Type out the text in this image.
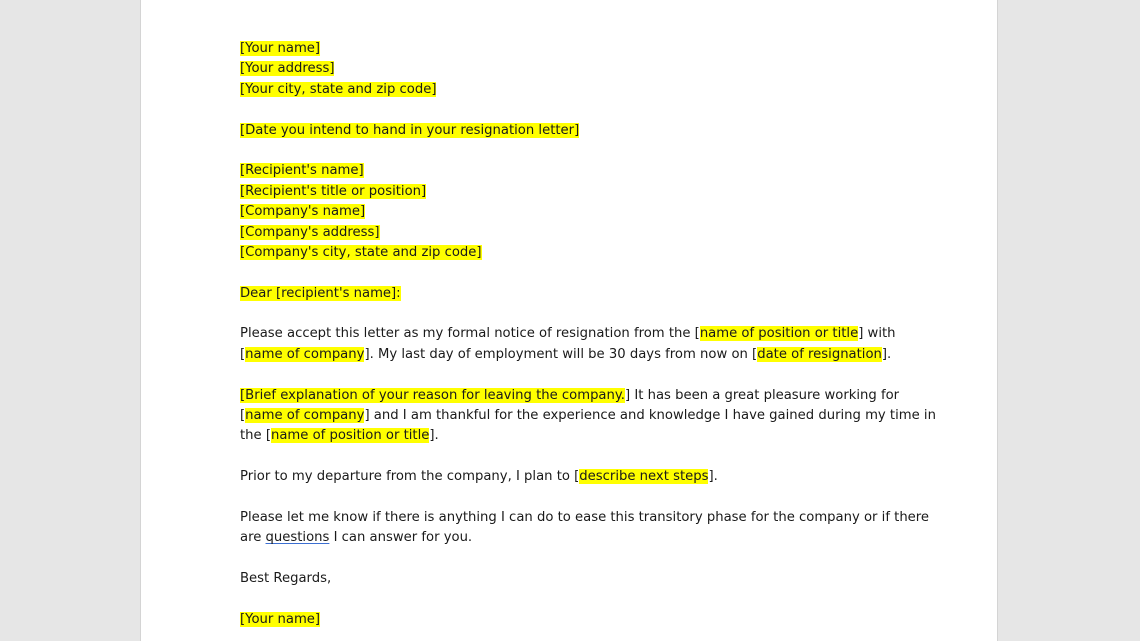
[Your name]
[Your address]
[Your city, state and zip code]
[Date you intend to hand in your resignation letter]
[Recipient's name]
[Recipient's title or position]
[Company's name]
[Company's address]
[Company's city, state and zip code]
Dear [recipient's name]:
Please accept this letter as my formal notice of resignation from the [name of position or title] with
[name of company]. My last day of employment will be 30 days from now on [date of resignation].
[Brief explanation of your reason for leaving the company.] It has been a great pleasure working for
[name of company] and I am thankful for the experience and knowledge I have gained during my time in
the [name of position or title].
Prior to my departure from the company, I plan to [describe next steps].
Please let me know if there is anything I can do to ease this transitory phase for the company or if there
are questions I can answer for you.
Best Regards,
[Your name]
